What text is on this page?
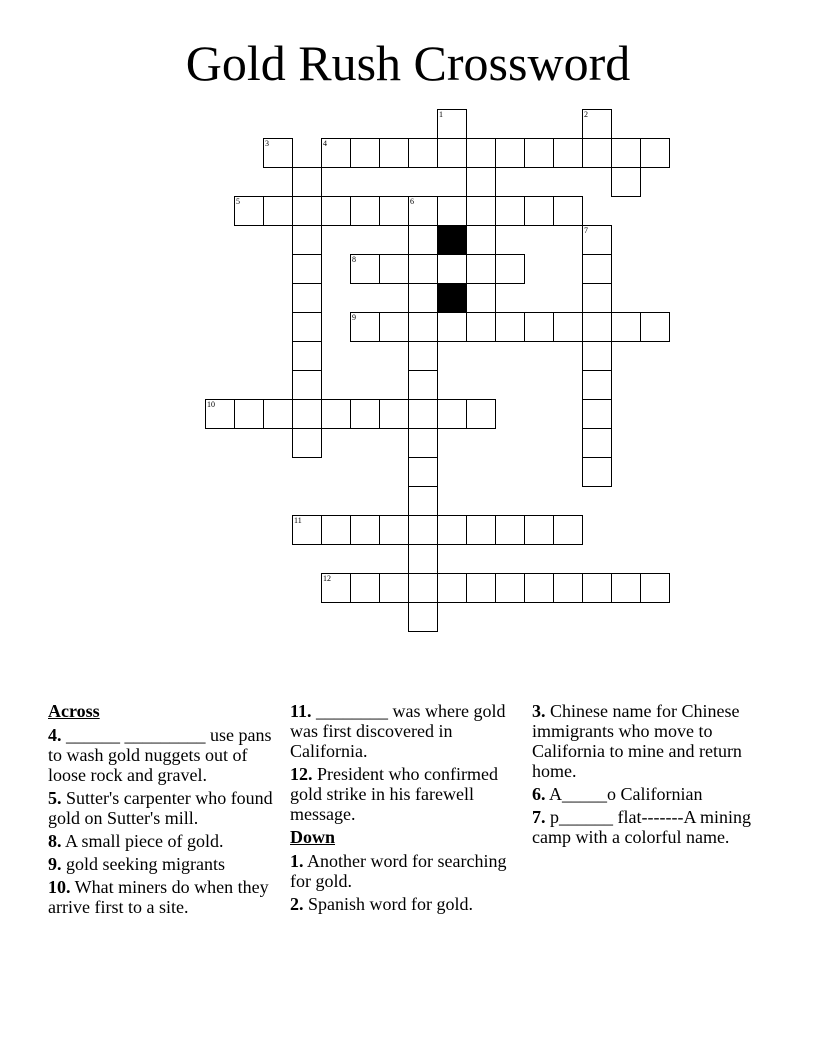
Gold Rush Crossword
1	2
3	4
5	6
7
8
9
10
11
12
Across
4. ______ _________ use pans to wash gold nuggets out of loose rock and gravel.
5. Sutter's carpenter who found gold on Sutter's mill.
8. A small piece of gold.
9. gold seeking migrants
10. What miners do when they arrive first to a site.
11. ________ was where gold was first discovered in California.
12. President who confirmed gold strike in his farewell message.
Down
1. Another word for searching for gold.
2. Spanish word for gold.
3. Chinese name for Chinese immigrants who move to California to mine and return home.
6. A_____o Californian
7. p______ flat-------A mining camp with a colorful name.
